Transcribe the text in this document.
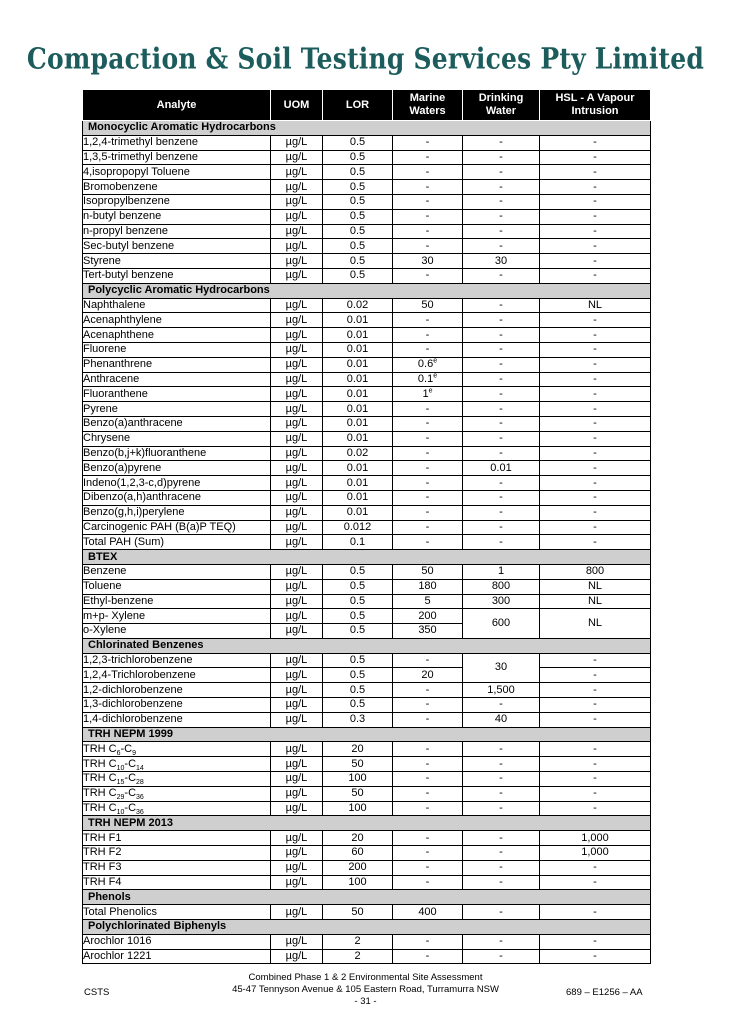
Compaction & Soil Testing Services Pty Limited
Analyte	UOM	LOR	Marine Waters	Drinking Water	HSL - A Vapour Intrusion
Monocyclic Aromatic Hydrocarbons					
1,2,4-trimethyl benzene	µg/L	0.5	-	-	-
1,3,5-trimethyl benzene	µg/L	0.5	-	-	-
4,isopropopyl Toluene	µg/L	0.5	-	-	-
Bromobenzene	µg/L	0.5	-	-	-
Isopropylbenzene	µg/L	0.5	-	-	-
n-butyl benzene	µg/L	0.5	-	-	-
n-propyl benzene	µg/L	0.5	-	-	-
Sec-butyl benzene	µg/L	0.5	-	-	-
Styrene	µg/L	0.5	30	30	-
Tert-butyl benzene	µg/L	0.5	-	-	-
Polycyclic Aromatic Hydrocarbons					
Naphthalene	µg/L	0.02	50	-	NL
Acenaphthylene	µg/L	0.01	-	-	-
Acenaphthene	µg/L	0.01	-	-	-
Fluorene	µg/L	0.01	-	-	-
Phenanthrene	µg/L	0.01	0.6e	-	-
Anthracene	µg/L	0.01	0.1e	-	-
Fluoranthene	µg/L	0.01	1e	-	-
Pyrene	µg/L	0.01	-	-	-
Benzo(a)anthracene	µg/L	0.01	-	-	-
Chrysene	µg/L	0.01	-	-	-
Benzo(b,j+k)fluoranthene	µg/L	0.02	-	-	-
Benzo(a)pyrene	µg/L	0.01	-	0.01	-
Indeno(1,2,3-c,d)pyrene	µg/L	0.01	-	-	-
Dibenzo(a,h)anthracene	µg/L	0.01	-	-	-
Benzo(g,h,i)perylene	µg/L	0.01	-	-	-
Carcinogenic PAH (B(a)P TEQ)	µg/L	0.012	-	-	-
Total PAH (Sum)	µg/L	0.1	-	-	-
BTEX					
Benzene	µg/L	0.5	50	1	800
Toluene	µg/L	0.5	180	800	NL
Ethyl-benzene	µg/L	0.5	5	300	NL
m+p- Xylene	µg/L	0.5	200	600	NL
o-Xylene	µg/L	0.5	350		
Chlorinated Benzenes					
1,2,3-trichlorobenzene	µg/L	0.5	-	30	-
1,2,4-Trichlorobenzene	µg/L	0.5	20		-
1,2-dichlorobenzene	µg/L	0.5	-	1,500	-
1,3-dichlorobenzene	µg/L	0.5	-	-	-
1,4-dichlorobenzene	µg/L	0.3	-	40	-
TRH NEPM 1999					
TRH $C_6-C_9$	µg/L	20	-	-	-
TRH $C_{10}-C_{14}$	µg/L	50	-	-	-
TRH $C_{15}-C_{28}$	µg/L	100	-	-	-
TRH $C_{29}-C_{36}$	µg/L	50	-	-	-
TRH $C_{10}-C_{36}$	µg/L	100	-	-	-
TRH NEPM 2013					
TRH F1	µg/L	20	-	-	1,000
TRH F2	µg/L	60	-	-	1,000
TRH F3	µg/L	200	-	-	-
TRH F4	µg/L	100	-	-	-
Phenols					
Total Phenolics	µg/L	50	400	-	-
Polychlorinated Biphenyls					
Arochlor 1016	µg/L	2	-	-	-
Arochlor 1221	µg/L	2	-	-	-
CSTS
Combined Phase 1 & 2 Environmental Site Assessment
45-47 Tennyson Avenue & 105 Eastern Road, Turramurra NSW
- 31 -
689 – E1256 – AA
